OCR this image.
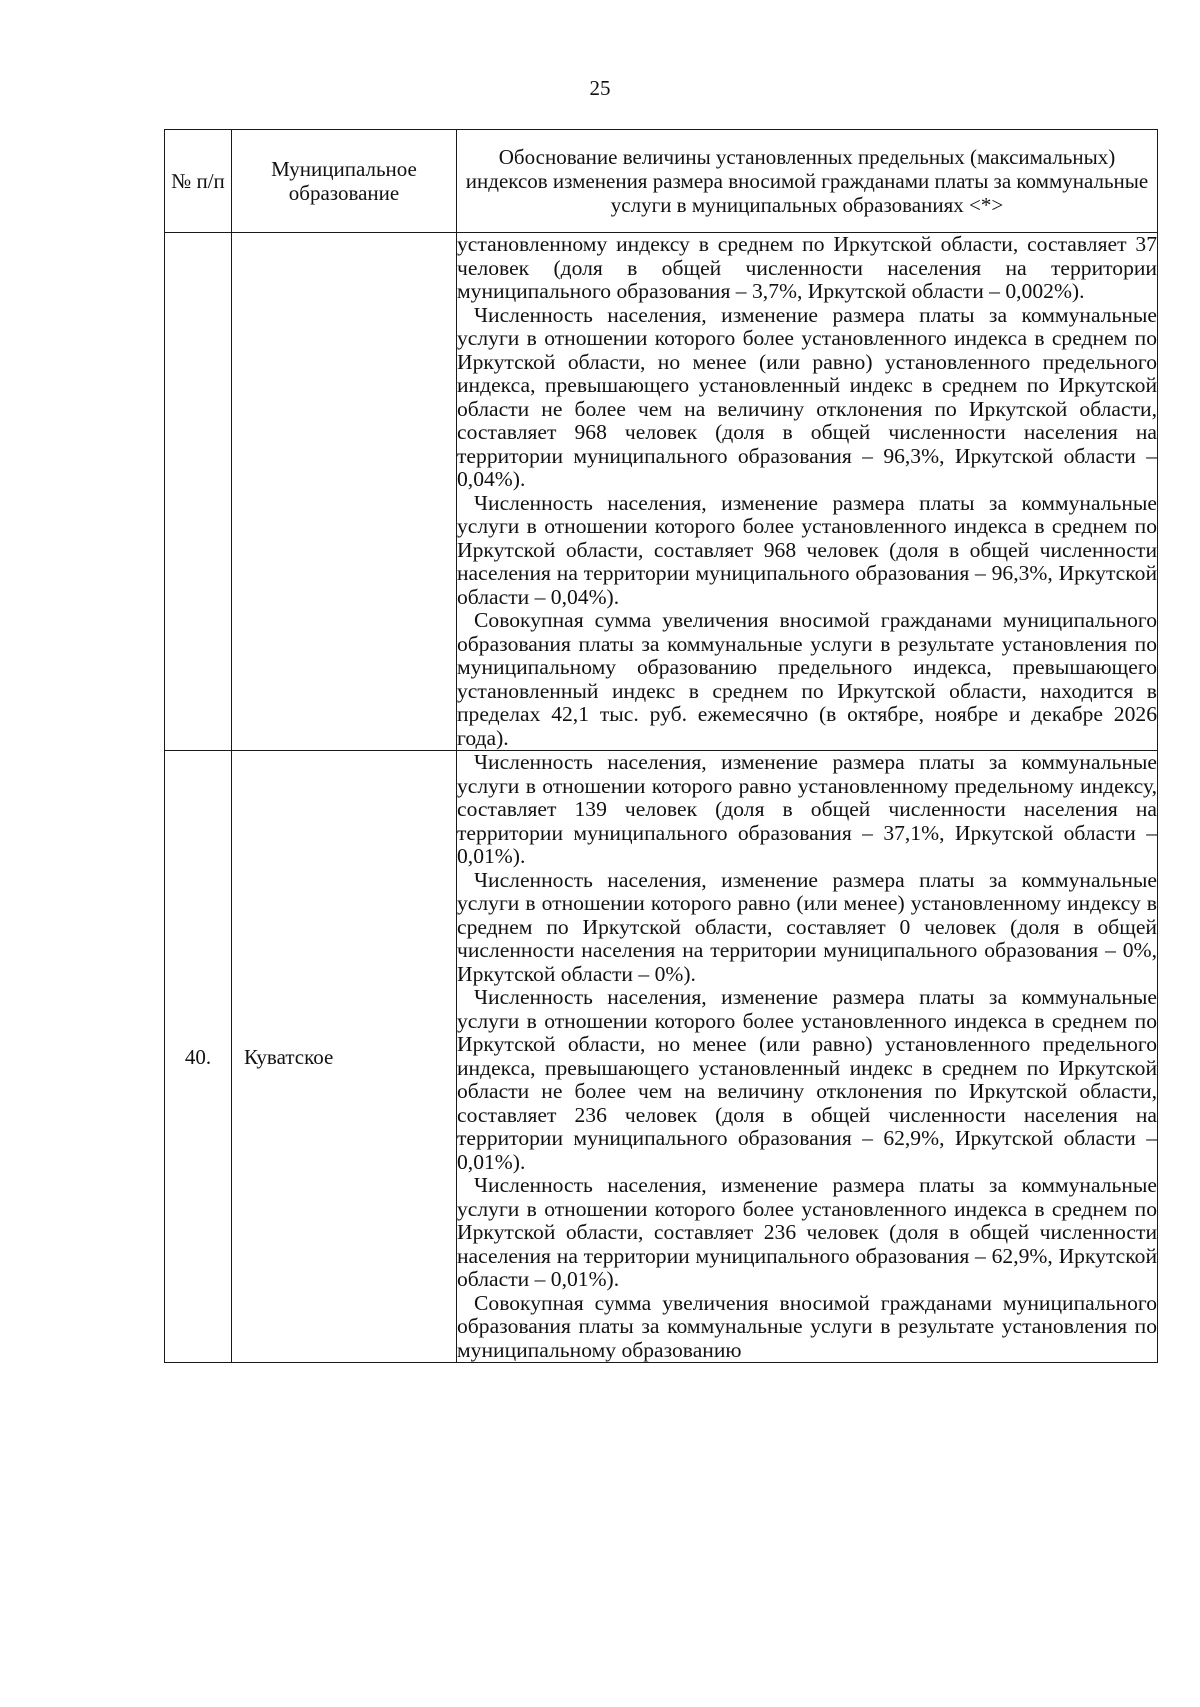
25
№ п/п	Муниципальное образование	Обоснование величины установленных предельных (максимальных) индексов изменения размера вносимой гражданами платы за коммунальные услуги в муниципальных образованиях <*>

		установленному индексу в среднем по Иркутской области, составляет 37 человек (доля в общей численности населения на территории муниципального образования – 3,7%, Иркутской области – 0,002%).
Численность населения, изменение размера платы за коммунальные услуги в отношении которого более установленного индекса в среднем по Иркутской области, но менее (или равно) установленного предельного индекса, превышающего установленный индекс в среднем по Иркутской области не более чем на величину отклонения по Иркутской области, составляет 968 человек (доля в общей численности населения на территории муниципального образования – 96,3%, Иркутской области – 0,04%).
Численность населения, изменение размера платы за коммунальные услуги в отношении которого более установленного индекса в среднем по Иркутской области, составляет 968 человек (доля в общей численности населения на территории муниципального образования – 96,3%, Иркутской области – 0,04%).
Совокупная сумма увеличения вносимой гражданами муниципального образования платы за коммунальные услуги в результате установления по муниципальному образованию предельного индекса, превышающего установленный индекс в среднем по Иркутской области, находится в пределах 42,1 тыс. руб. ежемесячно (в октябре, ноябре и декабре 2026 года).

40.	Куватское	Численность населения, изменение размера платы за коммунальные услуги в отношении которого равно установленному предельному индексу, составляет 139 человек (доля в общей численности населения на территории муниципального образования – 37,1%, Иркутской области – 0,01%).
Численность населения, изменение размера платы за коммунальные услуги в отношении которого равно (или менее) установленному индексу в среднем по Иркутской области, составляет 0 человек (доля в общей численности населения на территории муниципального образования – 0%, Иркутской области – 0%).
Численность населения, изменение размера платы за коммунальные услуги в отношении которого более установленного индекса в среднем по Иркутской области, но менее (или равно) установленного предельного индекса, превышающего установленный индекс в среднем по Иркутской области не более чем на величину отклонения по Иркутской области, составляет 236 человек (доля в общей численности населения на территории муниципального образования – 62,9%, Иркутской области – 0,01%).
Численность населения, изменение размера платы за коммунальные услуги в отношении которого более установленного индекса в среднем по Иркутской области, составляет 236 человек (доля в общей численности населения на территории муниципального образования – 62,9%, Иркутской области – 0,01%).
Совокупная сумма увеличения вносимой гражданами муниципального образования платы за коммунальные услуги в результате установления по муниципальному образованию
